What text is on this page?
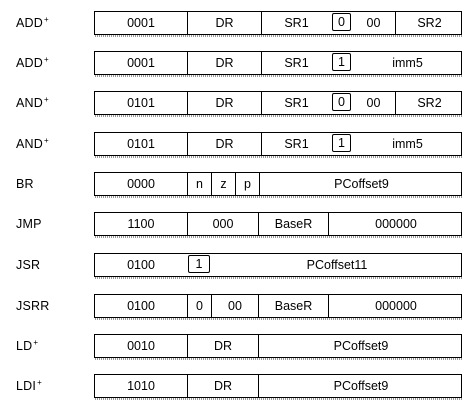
ADD+	0001	DR	SR1	0	00	SR2
ADD+	0001	DR	SR1	1	imm5
AND+	0101	DR	SR1	0	00	SR2
AND+	0101	DR	SR1	1	imm5
BR	0000	n	z	p	PCoffset9
JMP	1100	000	BaseR	000000
JSR	0100	1	PCoffset11
JSRR	0100	0	00	BaseR	000000
LD+	0010	DR	PCoffset9
LDI+	1010	DR	PCoffset9
